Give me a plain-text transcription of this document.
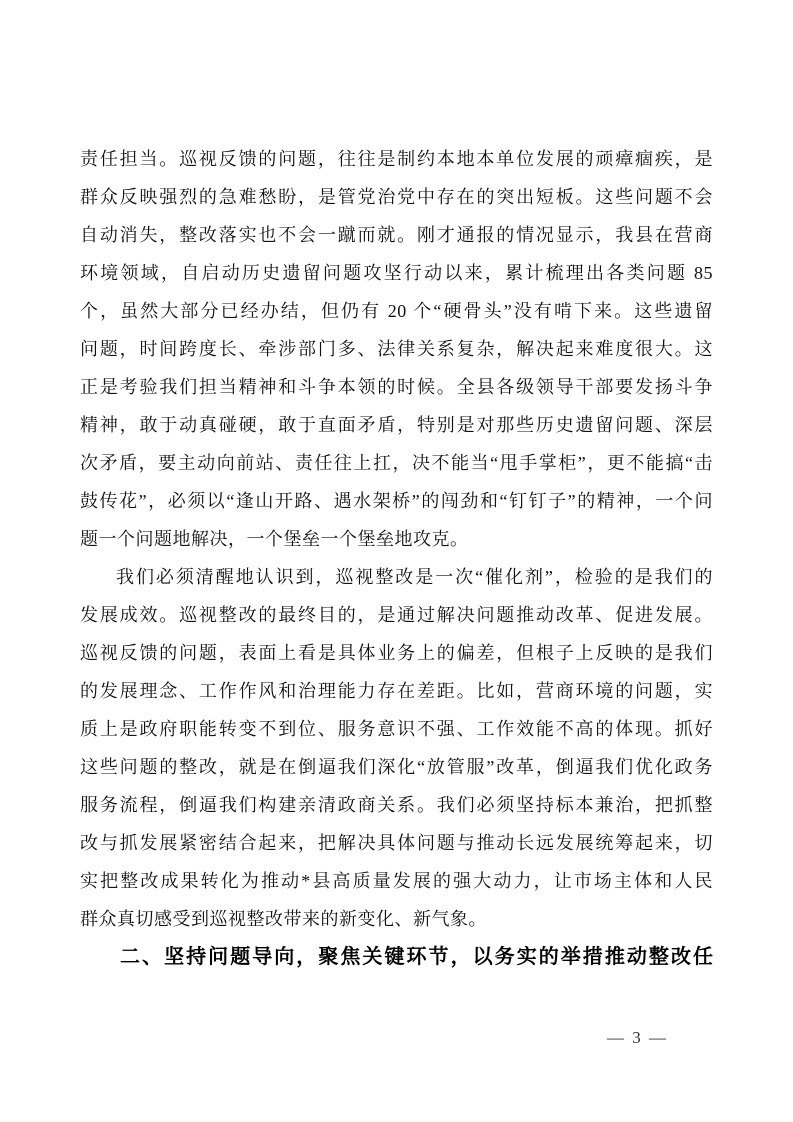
责任担当。巡视反馈的问题，往往是制约本地本单位发展的顽瘴痼疾，是
群众反映强烈的急难愁盼，是管党治党中存在的突出短板。这些问题不会
自动消失，整改落实也不会一蹴而就。刚才通报的情况显示，我县在营商
环境领域，自启动历史遗留问题攻坚行动以来，累计梳理出各类问题 85
个，虽然大部分已经办结，但仍有 20 个“硬骨头”没有啃下来。这些遗留
问题，时间跨度长、牵涉部门多、法律关系复杂，解决起来难度很大。这
正是考验我们担当精神和斗争本领的时候。全县各级领导干部要发扬斗争
精神，敢于动真碰硬，敢于直面矛盾，特别是对那些历史遗留问题、深层
次矛盾，要主动向前站、责任往上扛，决不能当“甩手掌柜”，更不能搞“击
鼓传花”，必须以“逢山开路、遇水架桥”的闯劲和“钉钉子”的精神，一个问
题一个问题地解决，一个堡垒一个堡垒地攻克。
我们必须清醒地认识到，巡视整改是一次“催化剂”，检验的是我们的
发展成效。巡视整改的最终目的，是通过解决问题推动改革、促进发展。
巡视反馈的问题，表面上看是具体业务上的偏差，但根子上反映的是我们
的发展理念、工作作风和治理能力存在差距。比如，营商环境的问题，实
质上是政府职能转变不到位、服务意识不强、工作效能不高的体现。抓好
这些问题的整改，就是在倒逼我们深化“放管服”改革，倒逼我们优化政务
服务流程，倒逼我们构建亲清政商关系。我们必须坚持标本兼治，把抓整
改与抓发展紧密结合起来，把解决具体问题与推动长远发展统筹起来，切
实把整改成果转化为推动*县高质量发展的强大动力，让市场主体和人民
群众真切感受到巡视整改带来的新变化、新气象。
二、坚持问题导向，聚焦关键环节，以务实的举措推动整改任
— 3 —
